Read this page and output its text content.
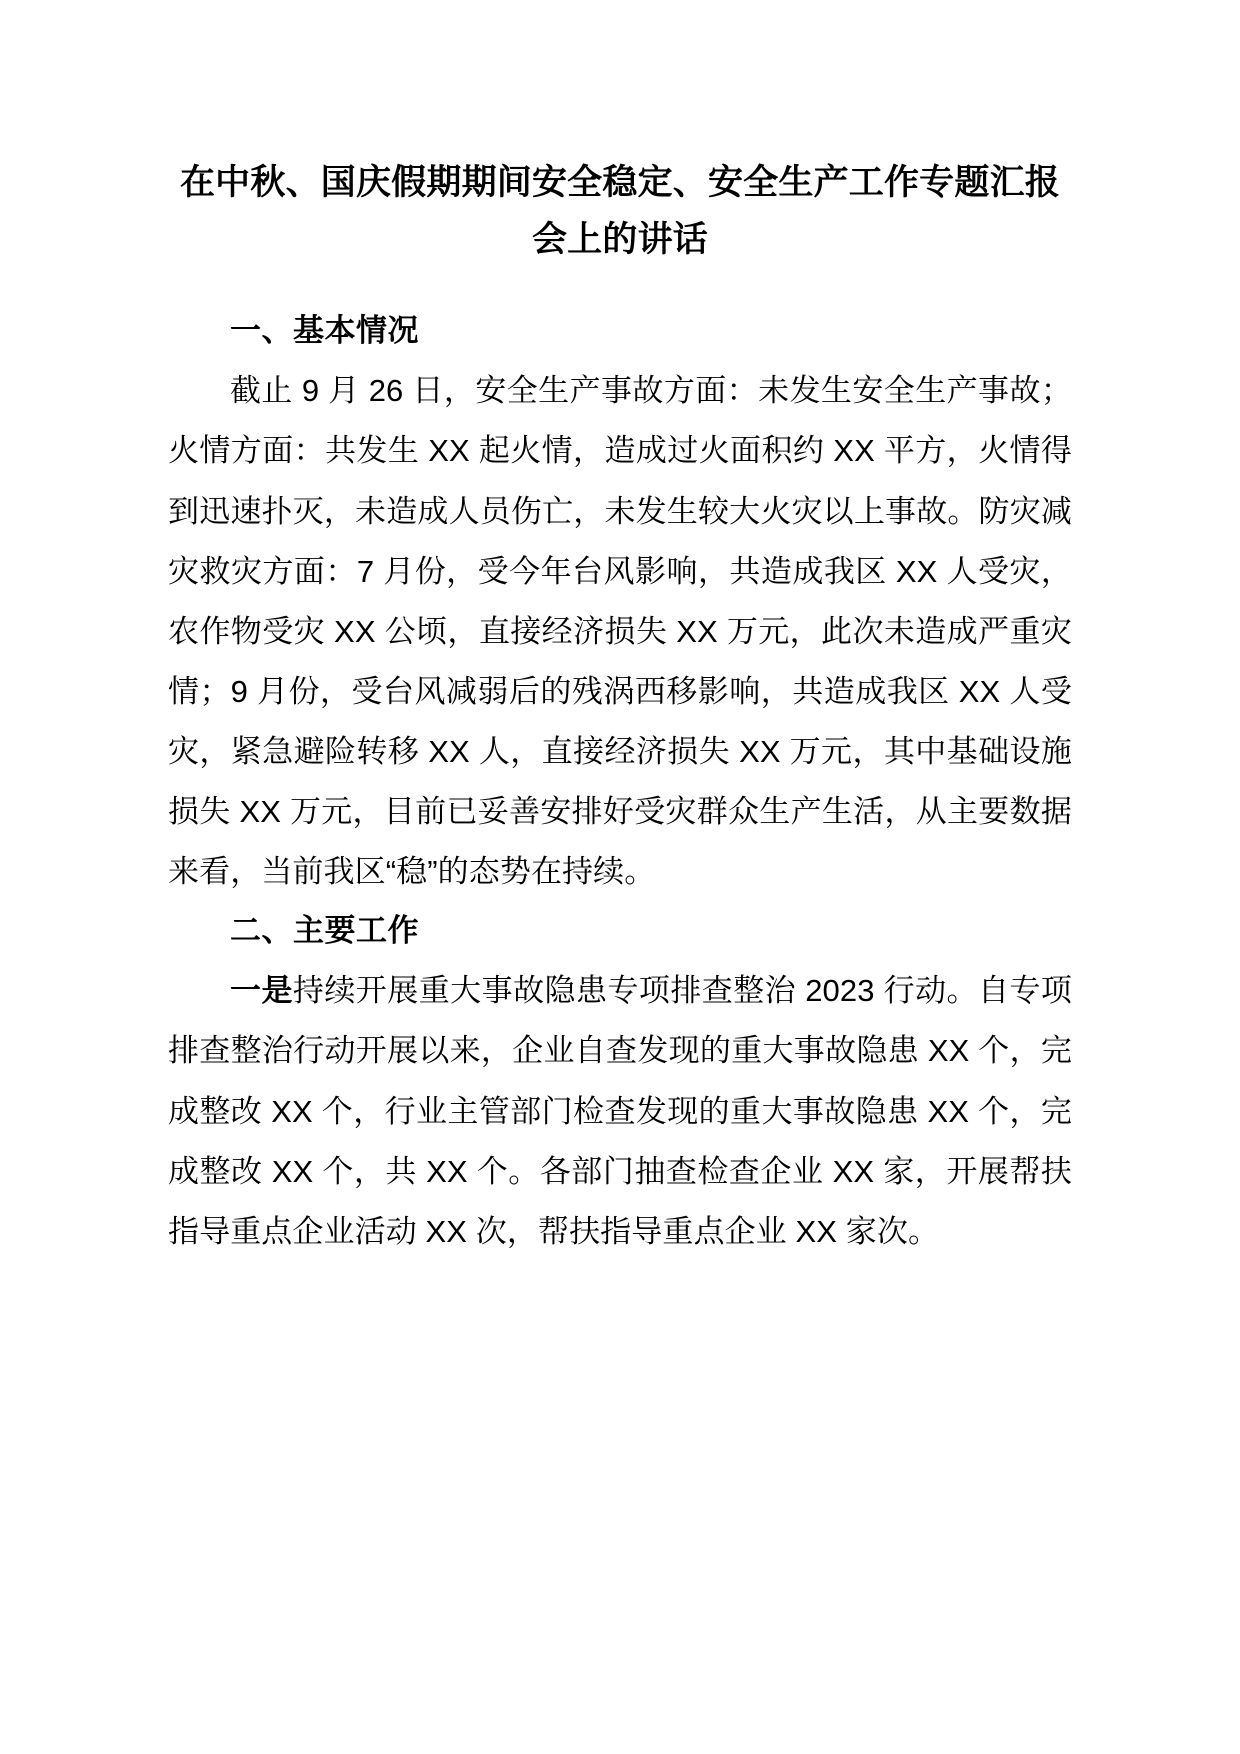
在中秋、国庆假期期间安全稳定、安全生产工作专题汇报会上的讲话
一、基本情况

截止 9 月 26 日，安全生产事故方面：未发生安全生产事故；火情方面：共发生 XX 起火情，造成过火面积约 XX 平方，火情得到迅速扑灭，未造成人员伤亡，未发生较大火灾以上事故。防灾减灾救灾方面：7 月份，受今年台风影响，共造成我区 XX 人受灾，农作物受灾 XX 公顷，直接经济损失 XX 万元，此次未造成严重灾情；9 月份，受台风减弱后的残涡西移影响，共造成我区 XX 人受灾，紧急避险转移 XX 人，直接经济损失 XX 万元，其中基础设施损失 XX 万元，目前已妥善安排好受灾群众生产生活，从主要数据来看，当前我区“稳”的态势在持续。

二、主要工作

一是持续开展重大事故隐患专项排查整治 2023 行动。自专项排查整治行动开展以来，企业自查发现的重大事故隐患 XX 个，完成整改 XX 个，行业主管部门检查发现的重大事故隐患 XX 个，完成整改 XX 个，共 XX 个。各部门抽查检查企业 XX 家，开展帮扶指导重点企业活动 XX 次，帮扶指导重点企业 XX 家次。
